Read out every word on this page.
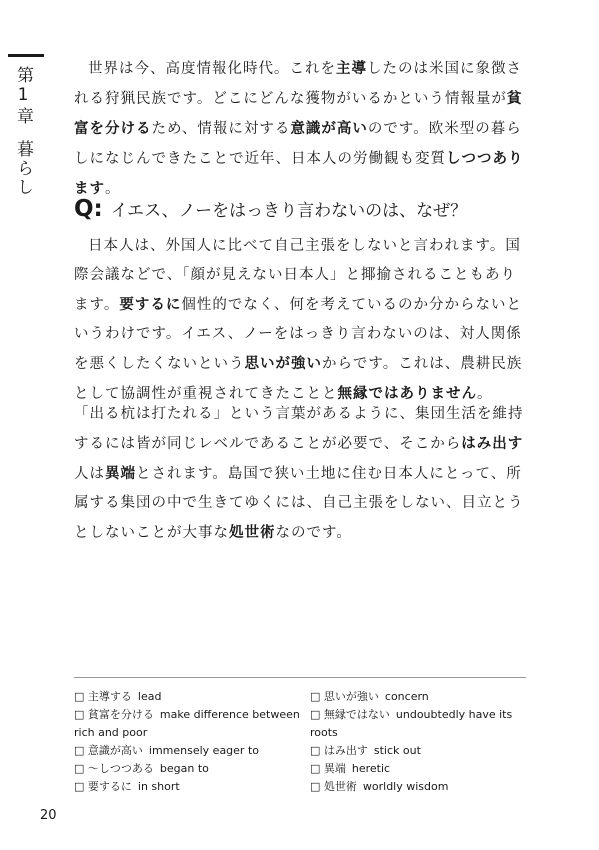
第1章暮らし
世界は今、高度情報化時代。これを主導したのは米国に象徴される狩猟民族です。どこにどんな獲物がいるかという情報量が貧富を分けるため、情報に対する意識が高いのです。欧米型の暮らしになじんできたことで近年、日本人の労働観も変質しつつあります。
Q: イエス、ノーをはっきり言わないのは、なぜ？
日本人は、外国人に比べて自己主張をしないと言われます。国際会議などで、「顔が見えない日本人」と揶揄されることもあります。要するに個性的でなく、何を考えているのか分からないというわけです。イエス、ノーをはっきり言わないのは、対人関係を悪くしたくないという思いが強いからです。これは、農耕民族として協調性が重視されてきたことと無縁ではありません。
「出る杭は打たれる」という言葉があるように、集団生活を維持するには皆が同じレベルであることが必要で、そこからはみ出す人は異端とされます。島国で狭い土地に住む日本人にとって、所属する集団の中で生きてゆくには、自己主張をしない、目立とうとしないことが大事な処世術なのです。
□ 主導する lead
□ 貧富を分ける make difference between rich and poor
□ 意識が高い immensely eager to
□ 〜しつつある began to
□ 要するに in short
□ 思いが強い concern
□ 無縁ではない undoubtedly have its roots
□ はみ出す stick out
□ 異端 heretic
□ 処世術 worldly wisdom
20
